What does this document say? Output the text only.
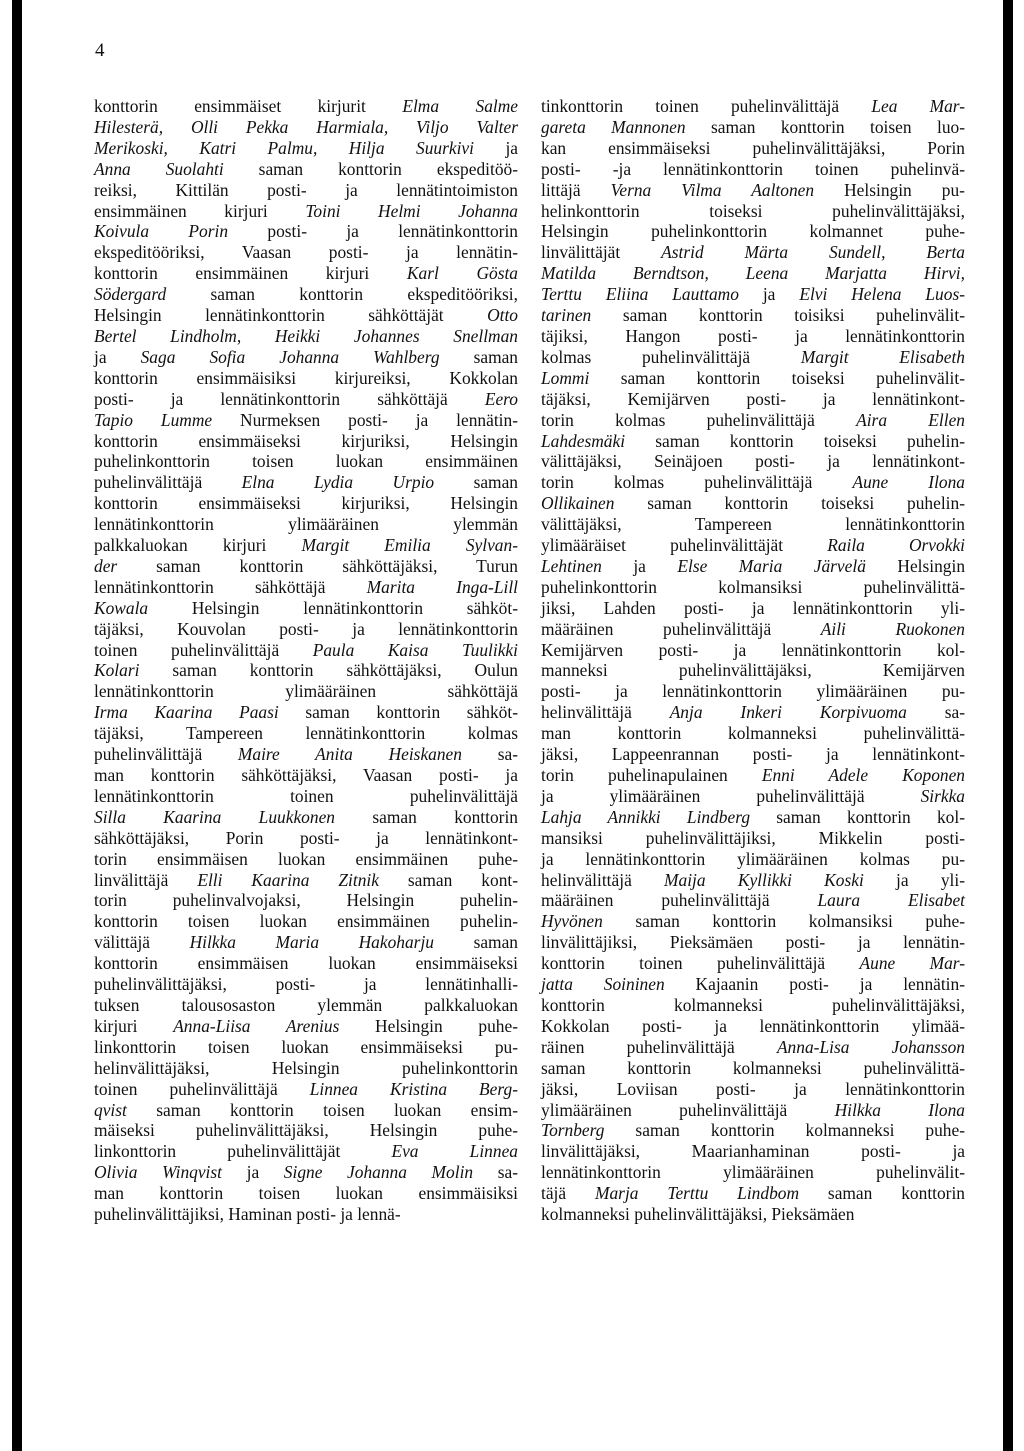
4
konttorin ensimmäiset kirjurit Elma Salme
Hilesterä, Olli Pekka Harmiala, Viljo Valter
Merikoski, Katri Palmu, Hilja Suurkivi ja
Anna Suolahti saman konttorin ekspeditöö-
reiksi, Kittilän posti- ja lennätintoimiston
ensimmäinen kirjuri Toini Helmi Johanna
Koivula Porin posti- ja lennätinkonttorin
ekspeditööriksi, Vaasan posti- ja lennätin-
konttorin ensimmäinen kirjuri Karl Gösta
Södergard saman konttorin ekspeditööriksi,
Helsingin lennätinkonttorin sähköttäjät Otto
Bertel Lindholm, Heikki Johannes Snellman
ja Saga Sofia Johanna Wahlberg saman
konttorin ensimmäisiksi kirjureiksi, Kokkolan
posti- ja lennätinkonttorin sähköttäjä Eero
Tapio Lumme Nurmeksen posti- ja lennätin-
konttorin ensimmäiseksi kirjuriksi, Helsingin
puhelinkonttorin toisen luokan ensimmäinen
puhelinvälittäjä Elna Lydia Urpio saman
konttorin ensimmäiseksi kirjuriksi, Helsingin
lennätinkonttorin ylimääräinen ylemmän
palkkaluokan kirjuri Margit Emilia Sylvan-
der saman konttorin sähköttäjäksi, Turun
lennätinkonttorin sähköttäjä Marita Inga-Lill
Kowala Helsingin lennätinkonttorin sähköt-
täjäksi, Kouvolan posti- ja lennätinkonttorin
toinen puhelinvälittäjä Paula Kaisa Tuulikki
Kolari saman konttorin sähköttäjäksi, Oulun
lennätinkonttorin ylimääräinen sähköttäjä
Irma Kaarina Paasi saman konttorin sähköt-
täjäksi, Tampereen lennätinkonttorin kolmas
puhelinvälittäjä Maire Anita Heiskanen sa-
man konttorin sähköttäjäksi, Vaasan posti- ja
lennätinkonttorin toinen puhelinvälittäjä
Silla Kaarina Luukkonen saman konttorin
sähköttäjäksi, Porin posti- ja lennätinkont-
torin ensimmäisen luokan ensimmäinen puhe-
linvälittäjä Elli Kaarina Zitnik saman kont-
torin puhelinvalvojaksi, Helsingin puhelin-
konttorin toisen luokan ensimmäinen puhelin-
välittäjä Hilkka Maria Hakoharju saman
konttorin ensimmäisen luokan ensimmäiseksi
puhelinvälittäjäksi, posti- ja lennätinhalli-
tuksen talousosaston ylemmän palkkaluokan
kirjuri Anna-Liisa Arenius Helsingin puhe-
linkonttorin toisen luokan ensimmäiseksi pu-
helinvälittäjäksi, Helsingin puhelinkonttorin
toinen puhelinvälittäjä Linnea Kristina Berg-
qvist saman konttorin toisen luokan ensim-
mäiseksi puhelinvälittäjäksi, Helsingin puhe-
linkonttorin puhelinvälittäjät Eva Linnea
Olivia Winqvist ja Signe Johanna Molin sa-
man konttorin toisen luokan ensimmäisiksi
puhelinvälittäjiksi, Haminan posti- ja lennä-
tinkonttorin toinen puhelinvälittäjä Lea Mar-
gareta Mannonen saman konttorin toisen luo-
kan ensimmäiseksi puhelinvälittäjäksi, Porin
posti- -ja lennätinkonttorin toinen puhelinvä-
littäjä Verna Vilma Aaltonen Helsingin pu-
helinkonttorin toiseksi puhelinvälittäjäksi,
Helsingin puhelinkonttorin kolmannet puhe-
linvälittäjät Astrid Märta Sundell, Berta
Matilda Berndtson, Leena Marjatta Hirvi,
Terttu Eliina Lauttamo ja Elvi Helena Luos-
tarinen saman konttorin toisiksi puhelinvälit-
täjiksi, Hangon posti- ja lennätinkonttorin
kolmas puhelinvälittäjä Margit Elisabeth
Lommi saman konttorin toiseksi puhelinvälit-
täjäksi, Kemijärven posti- ja lennätinkont-
torin kolmas puhelinvälittäjä Aira Ellen
Lahdesmäki saman konttorin toiseksi puhelin-
välittäjäksi, Seinäjoen posti- ja lennätinkont-
torin kolmas puhelinvälittäjä Aune Ilona
Ollikainen saman konttorin toiseksi puhelin-
välittäjäksi, Tampereen lennätinkonttorin
ylimääräiset puhelinvälittäjät Raila Orvokki
Lehtinen ja Else Maria Järvelä Helsingin
puhelinkonttorin kolmansiksi puhelinvälittä-
jiksi, Lahden posti- ja lennätinkonttorin yli-
määräinen puhelinvälittäjä Aili Ruokonen
Kemijärven posti- ja lennätinkonttorin kol-
manneksi puhelinvälittäjäksi, Kemijärven
posti- ja lennätinkonttorin ylimääräinen pu-
helinvälittäjä Anja Inkeri Korpivuoma sa-
man konttorin kolmanneksi puhelinvälittä-
jäksi, Lappeenrannan posti- ja lennätinkont-
torin puhelinapulainen Enni Adele Koponen
ja ylimääräinen puhelinvälittäjä Sirkka
Lahja Annikki Lindberg saman konttorin kol-
mansiksi puhelinvälittäjiksi, Mikkelin posti-
ja lennätinkonttorin ylimääräinen kolmas pu-
helinvälittäjä Maija Kyllikki Koski ja yli-
määräinen puhelinvälittäjä Laura Elisabet
Hyvönen saman konttorin kolmansiksi puhe-
linvälittäjiksi, Pieksämäen posti- ja lennätin-
konttorin toinen puhelinvälittäjä Aune Mar-
jatta Soininen Kajaanin posti- ja lennätin-
konttorin kolmanneksi puhelinvälittäjäksi,
Kokkolan posti- ja lennätinkonttorin ylimää-
räinen puhelinvälittäjä Anna-Lisa Johansson
saman konttorin kolmanneksi puhelinvälittä-
jäksi, Loviisan posti- ja lennätinkonttorin
ylimääräinen puhelinvälittäjä Hilkka Ilona
Tornberg saman konttorin kolmanneksi puhe-
linvälittäjäksi, Maarianhaminan posti- ja
lennätinkonttorin ylimääräinen puhelinvälit-
täjä Marja Terttu Lindbom saman konttorin
kolmanneksi puhelinvälittäjäksi, Pieksämäen
